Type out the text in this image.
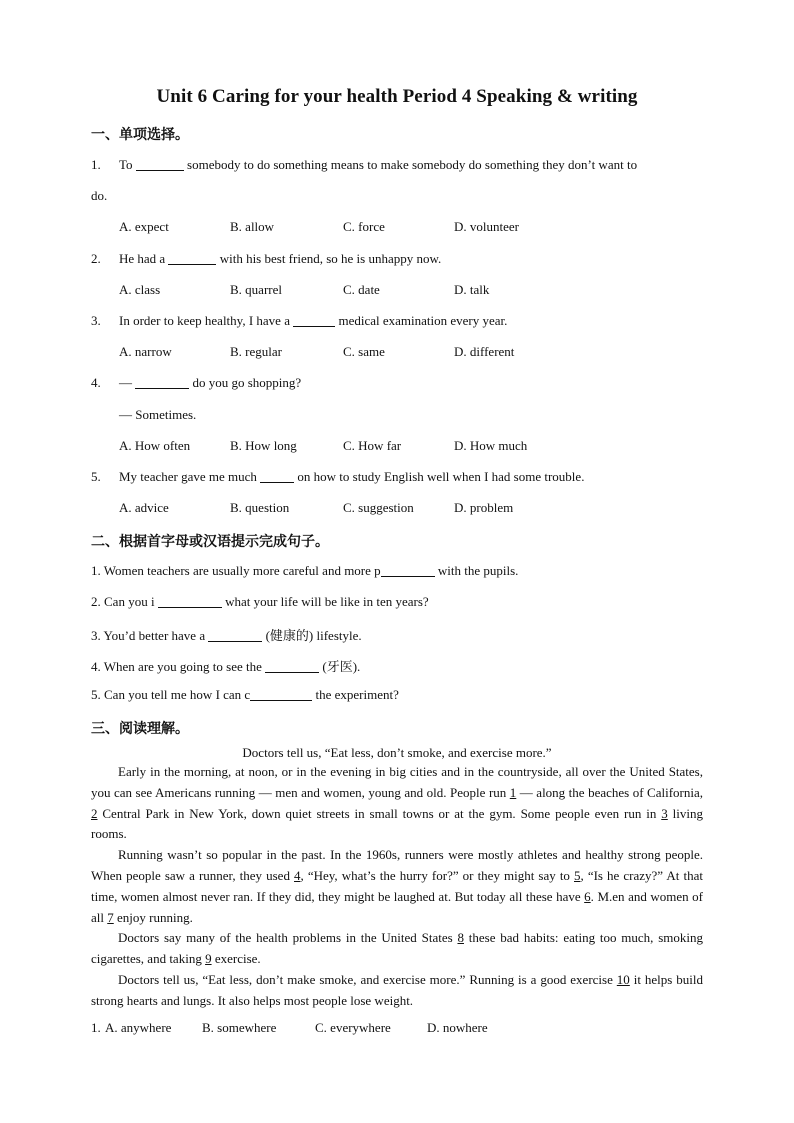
Unit 6 Caring for your health Period 4 Speaking & writing
一、单项选择。
1. To	somebody to do something means to make somebody do something they don’t want to
do.
A. expect	B. allow	C. force	D. volunteer
2. He had a	with his best friend, so he is unhappy now.
A. class	B. quarrel	C. date	D. talk
3. In order to keep healthy, I have a	medical examination every year.
A. narrow	B. regular	C. same	D. different
4. —	do you go shopping?
— Sometimes.
A. How often	B. How long	C. How far	D. How much
5. My teacher gave me much	on how to study English well when I had some trouble.
A. advice	B. question	C. suggestion	D. problem
二、根据首字母或汉语提示完成句子。
1. Women teachers are usually more careful and more p	with the pupils.
2. Can you i	what your life will be like in ten years?
3. You’d better have a	(健康的) lifestyle.
4. When are you going to see the	(牙医).
5. Can you tell me how I can c	the experiment?
三、阅读理解。
Doctors tell us, “Eat less, don’t smoke, and exercise more.”

Early in the morning, at noon, or in the evening in big cities and in the countryside, all over the United States, you can see Americans running — men and women, young and old. People run 1 — along the beaches of California, 2 Central Park in New York, down quiet streets in small towns or at the gym. Some people even run in 3 living rooms.

Running wasn’t so popular in the past. In the 1960s, runners were mostly athletes and healthy strong people. When people saw a runner, they used 4, “Hey, what’s the hurry for?” or they might say to 5, “Is he crazy?” At that time, women almost never ran. If they did, they might be laughed at. But today all these have 6. M.en and women of all 7 enjoy running.

Doctors say many of the health problems in the United States 8 these bad habits: eating too much, smoking cigarettes, and taking 9 exercise.

Doctors tell us, “Eat less, don’t make smoke, and exercise more.” Running is a good exercise 10 it helps build strong hearts and lungs. It also helps most people lose weight.

1. A. anywhere B. somewhere	C. everywhere	D. nowhere
